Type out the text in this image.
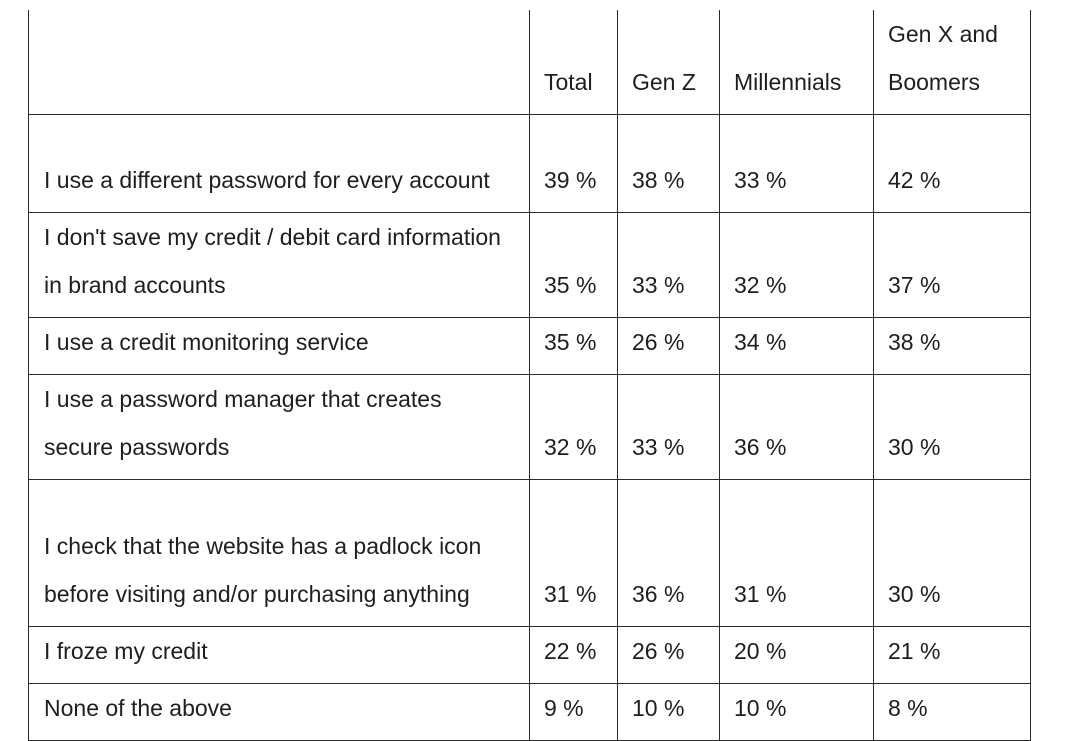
	Total	Gen Z	Millennials	Gen X and Boomers
I use a different password for every account	39 %	38 %	33 %	42 %
I don't save my credit / debit card information in brand accounts	35 %	33 %	32 %	37 %
I use a credit monitoring service	35 %	26 %	34 %	38 %
I use a password manager that creates secure passwords	32 %	33 %	36 %	30 %
I check that the website has a padlock icon before visiting and/or purchasing anything	31 %	36 %	31 %	30 %
I froze my credit	22 %	26 %	20 %	21 %
None of the above	9 %	10 %	10 %	8 %
